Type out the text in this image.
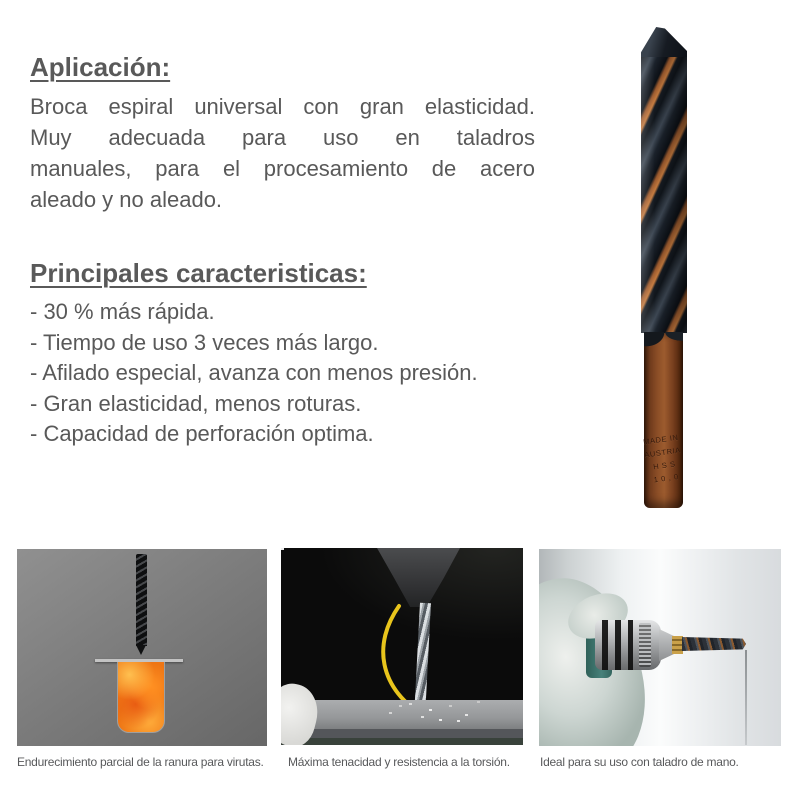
Aplicación:
Broca espiral universal con gran elasticidad.
Muy adecuada para uso en taladros
manuales, para el procesamiento de acero
aleado y no aleado.
Principales caracteristicas:
- 30 % más rápida.
- Tiempo de uso 3 veces más largo.
- Afilado especial, avanza con menos presión.
- Gran elasticidad, menos roturas.
- Capacidad de perforación optima.	MADE IN
AUSTRIA
H S S
1 0 , 0
Endurecimiento parcial de la ranura para virutas. Máxima tenacidad y resistencia a la torsión.	Ideal para su uso con taladro de mano.
